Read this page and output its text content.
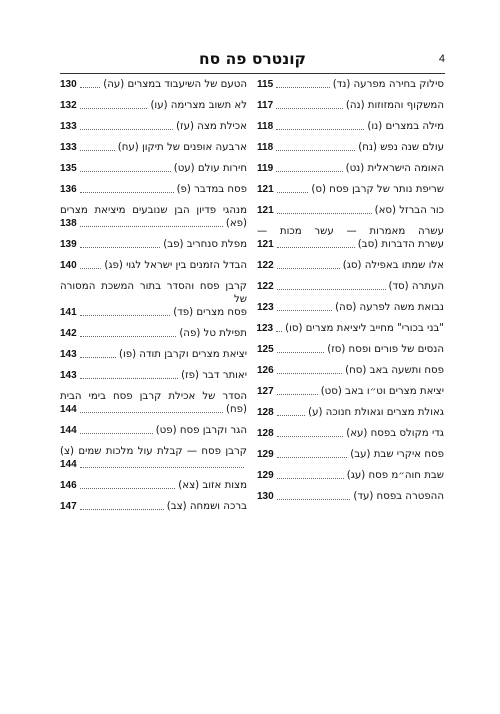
קונטרס פה סח	4
סילוק בחירה מפרעה (נד)
115
המשקוף והמזוזות (נה)
117
מילה במצרים (נו)
118
עולם שנה נפש (נח)
118
האומה הישראלית (נט)
119
שריפת נותר של קרבן פסח (ס)
121
כור הברזל (סא)
121
עשרה מאמרות — עשר מכות —
עשרת הדברות (סב)
121
אלו שמתו באפילה (סג)
122
העתרה (סד)
122
נבואת משה לפרעה (סה)
123
"בני בכורי" מחייב ליציאת מצרים (סו)
123
הנסים של פורים ופסח (סז)
125
פסח ותשעה באב (סח)
126
יציאת מצרים וט״ו באב (סט)
127
גאולת מצרים וגאולת חנוכה (ע)
128
גדי מקולס בפסח (עא)
128
פסח איקרי שבת (עב)
129
שבת חוה״מ פסח (עג)
129
ההפטרה בפסח (עד)
130
הטעם של השיעבוד במצרים (עה)
130
לא תשוב מצרימה (עו)
132
אכילת מצה (עז)
133
ארבעה אופנים של תיקון (עח)
133
חירות עולם (עט)
135
פסח במדבר (פ)
136
מנהגי פדיון הבן שנובעים מיציאת מצרים
(פא)
138
מפלת סנחריב (פב)
139
הבדל הזמנים בין ישראל לגוי (פג)
140
קרבן פסח והסדר בתור המשכת המסורה של
פסח מצרים (פד)
141
תפילת טל (פה)
142
יציאת מצרים וקרבן תודה (פו)
143
יאותר דבר (פז)
143
הסדר של אכילת קרבן פסח בימי הבית
(פח)
144
הגר וקרבן פסח (פט)
144
קרבן פסח — קבלת עול מלכות שמים (צ)
144
מצות אזוב (צא)
146
ברכה ושמחה (צב)
147
